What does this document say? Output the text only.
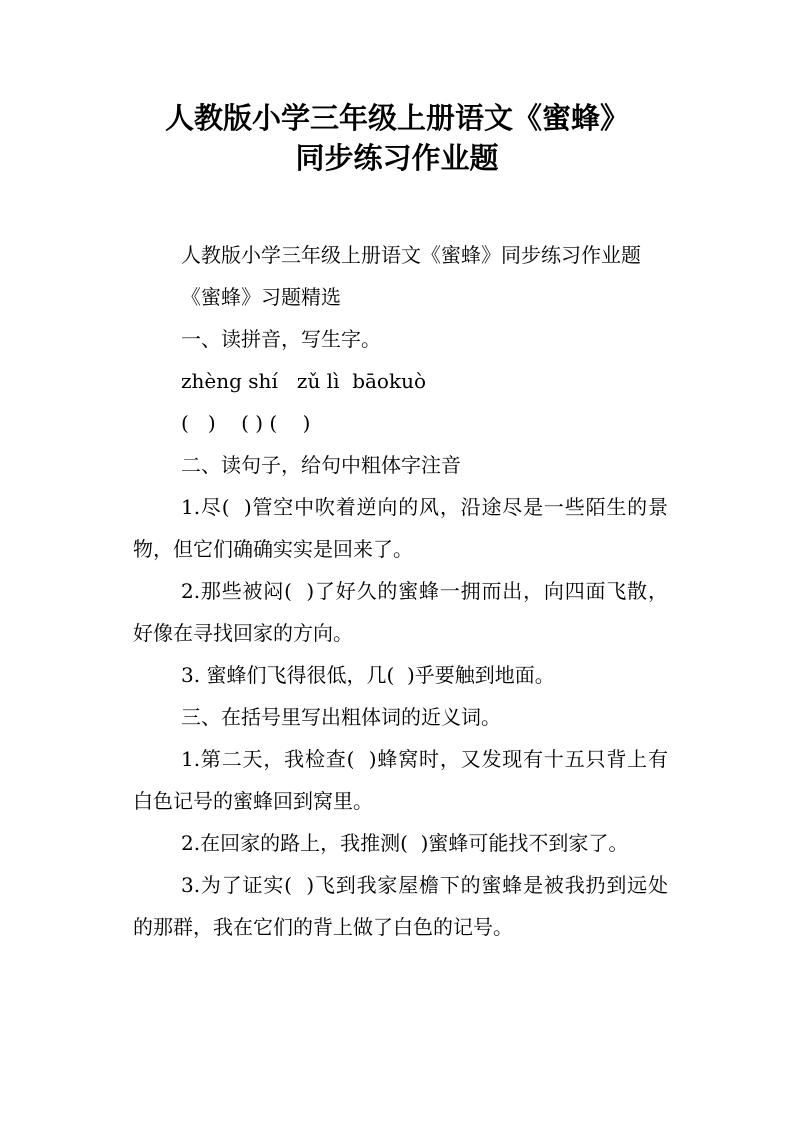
人教版小学三年级上册语文《蜜蜂》
同步练习作业题

人教版小学三年级上册语文《蜜蜂》同步练习作业题

《蜜蜂》习题精选

一、读拼音，写生字。

zhèng shí   zǔ lì  bāokuò

(   )    ( ) (    )

二、读句子，给句中粗体字注音

1.尽(  )管空中吹着逆向的风，沿途尽是一些陌生的景物，但它们确确实实是回来了。

2.那些被闷(  )了好久的蜜蜂一拥而出，向四面飞散，好像在寻找回家的方向。

3. 蜜蜂们飞得很低，几(  )乎要触到地面。

三、在括号里写出粗体词的近义词。

1.第二天，我检查(  )蜂窝时，又发现有十五只背上有白色记号的蜜蜂回到窝里。

2.在回家的路上，我推测(  )蜜蜂可能找不到家了。

3.为了证实(  )飞到我家屋檐下的蜜蜂是被我扔到远处的那群，我在它们的背上做了白色的记号。
